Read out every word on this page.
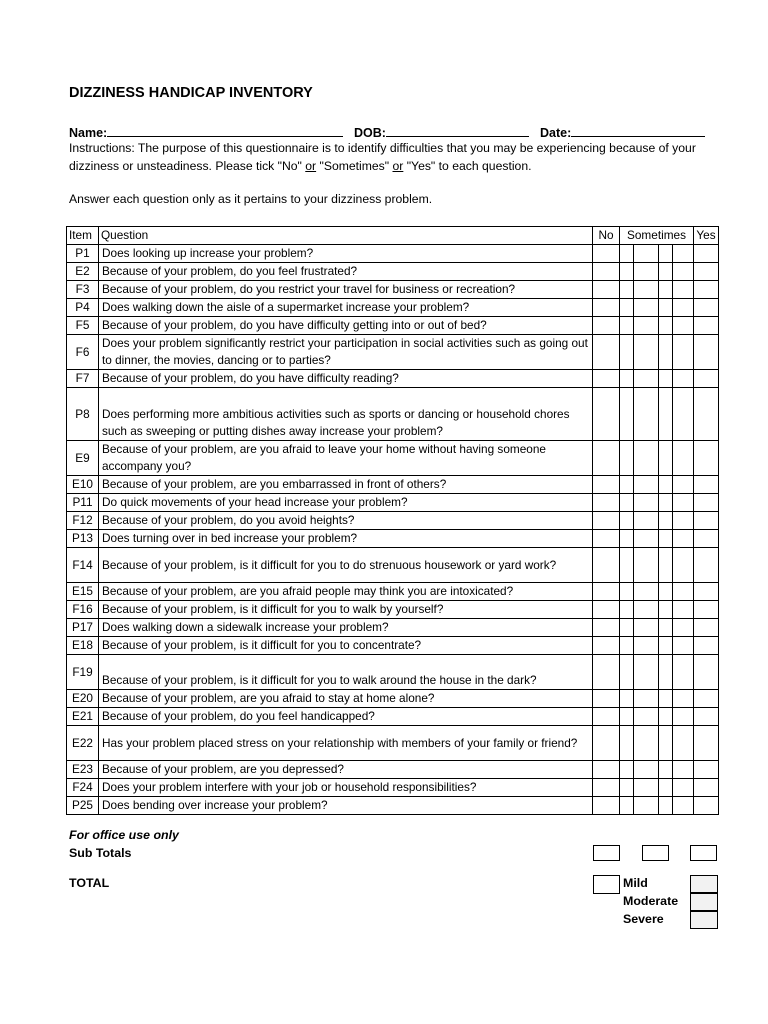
DIZZINESS HANDICAP INVENTORY
Name:	DOB:	Date:
Instructions: The purpose of this questionnaire is to identify difficulties that you may be experiencing because of your dizziness or unsteadiness. Please tick "No" or "Sometimes" or "Yes" to each question.
Answer each question only as it pertains to your dizziness problem.
Item	Question	No	Sometimes				Yes
P1	Does looking up increase your problem?						
E2	Because of your problem, do you feel frustrated?						
F3	Because of your problem, do you restrict your travel for business or recreation?						
P4	Does walking down the aisle of a supermarket increase your problem?						
F5	Because of your problem, do you have difficulty getting into or out of bed?						
F6	Does your problem significantly restrict your participation in social activities such as going out to dinner, the movies, dancing or to parties?						
F7	Because of your problem, do you have difficulty reading?						
P8	Does performing more ambitious activities such as sports or dancing or household chores such as sweeping or putting dishes away increase your problem?						
E9	Because of your problem, are you afraid to leave your home without having someone accompany you?						
E10	Because of your problem, are you embarrassed in front of others?						
P11	Do quick movements of your head increase your problem?						
F12	Because of your problem, do you avoid heights?						
P13	Does turning over in bed increase your problem?						
F14	Because of your problem, is it difficult for you to do strenuous housework or yard work?						
E15	Because of your problem, are you afraid people may think you are intoxicated?						
F16	Because of your problem, is it difficult for you to walk by yourself?						
P17	Does walking down a sidewalk increase your problem?						
E18	Because of your problem, is it difficult for you to concentrate?						
F19	Because of your problem, is it difficult for you to walk around the house in the dark?						
E20	Because of your problem, are you afraid to stay at home alone?						
E21	Because of your problem, do you feel handicapped?						
E22	Has your problem placed stress on your relationship with members of your family or friend?						
E23	Because of your problem, are you depressed?						
F24	Does your problem interfere with your job or household responsibilities?						
P25	Does bending over increase your problem?						
For office use only
Sub Totals
TOTAL	Mild
Moderate
Severe
